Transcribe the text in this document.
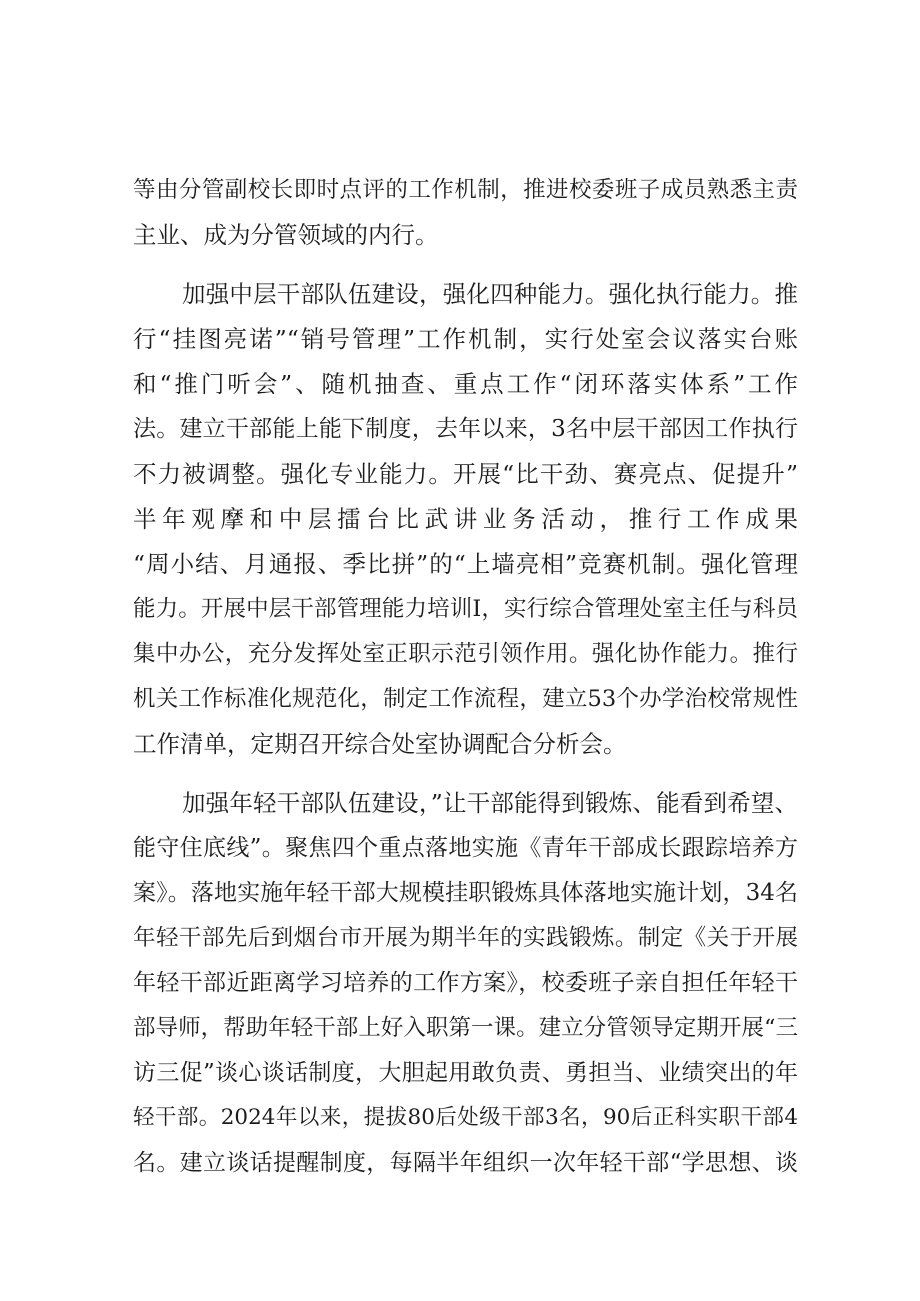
等由分管副校长即时点评的工作机制，推进校委班子成员熟悉主责
主业、成为分管领域的内行。
加强中层干部队伍建设，强化四种能力。强化执行能力。推
行“挂图亮诺”“销号管理”工作机制，实行处室会议落实台账
和“推门听会”、随机抽查、重点工作“闭环落实体系”工作
法。建立干部能上能下制度，去年以来，3名中层干部因工作执行
不力被调整。强化专业能力。开展“比干劲、赛亮点、促提升”
半年观摩和中层擂台比武讲业务活动，推行工作成果
“周小结、月通报、季比拼”的“上墙亮相”竞赛机制。强化管理
能力。开展中层干部管理能力培训I，实行综合管理处室主任与科员
集中办公，充分发挥处室正职示范引领作用。强化协作能力。推行
机关工作标准化规范化，制定工作流程，建立53个办学治校常规性
工作清单，定期召开综合处室协调配合分析会。
加强年轻干部队伍建设，”让干部能得到锻炼、能看到希望、
能守住底线”。聚焦四个重点落地实施《青年干部成长跟踪培养方
案》。落地实施年轻干部大规模挂职锻炼具体落地实施计划，34名
年轻干部先后到烟台市开展为期半年的实践锻炼。制定《关于开展
年轻干部近距离学习培养的工作方案》，校委班子亲自担任年轻干
部导师，帮助年轻干部上好入职第一课。建立分管领导定期开展“三
访三促”谈心谈话制度，大胆起用敢负责、勇担当、业绩突出的年
轻干部。2024年以来，提拔80后处级干部3名，90后正科实职干部4
名。建立谈话提醒制度，每隔半年组织一次年轻干部“学思想、谈
